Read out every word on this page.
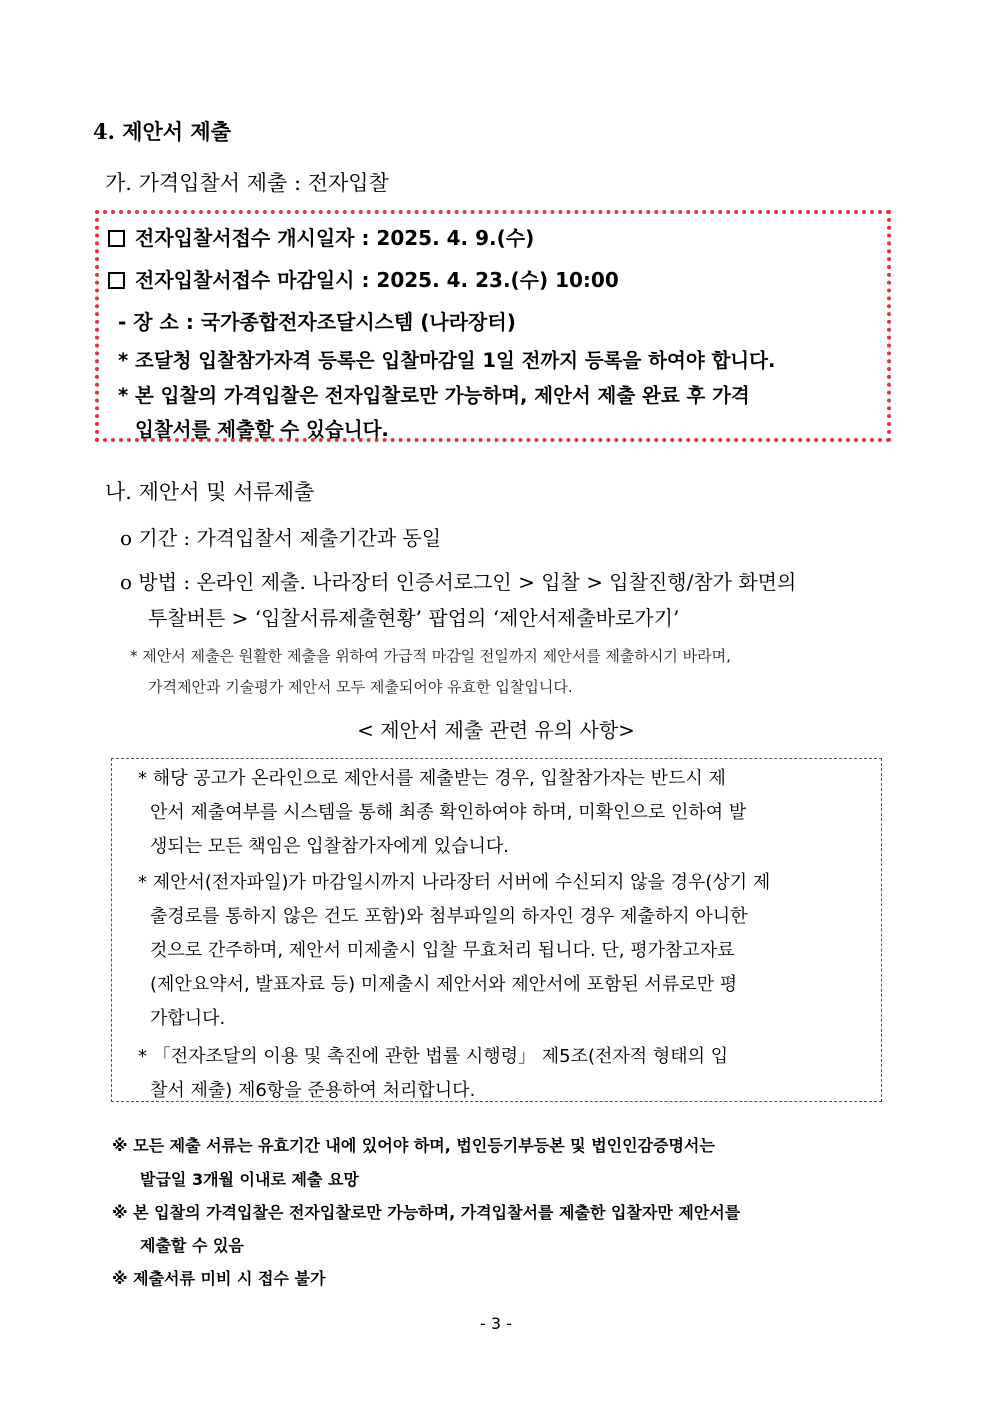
4. 제안서 제출
가. 가격입찰서 제출 : 전자입찰
전자입찰서접수 개시일자 : 2025. 4. 9.(수)
전자입찰서접수 마감일시 : 2025. 4. 23.(수) 10:00
- 장 소 : 국가종합전자조달시스템 (나라장터)
* 조달청 입찰참가자격 등록은 입찰마감일 1일 전까지 등록을 하여야 합니다.
* 본 입찰의 가격입찰은 전자입찰로만 가능하며, 제안서 제출 완료 후 가격
입찰서를 제출할 수 있습니다.
나. 제안서 및 서류제출
o 기간 : 가격입찰서 제출기간과 동일
o 방법 : 온라인 제출. 나라장터 인증서로그인 > 입찰 > 입찰진행/참가 화면의
투찰버튼 > ‘입찰서류제출현황’ 팝업의 ‘제안서제출바로가기’
* 제안서 제출은 원활한 제출을 위하여 가급적 마감일 전일까지 제안서를 제출하시기 바라며,
가격제안과 기술평가 제안서 모두 제출되어야 유효한 입찰입니다.
< 제안서 제출 관련 유의 사항>
* 해당 공고가 온라인으로 제안서를 제출받는 경우, 입찰참가자는 반드시 제
안서 제출여부를 시스템을 통해 최종 확인하여야 하며, 미확인으로 인하여 발
생되는 모든 책임은 입찰참가자에게 있습니다.
* 제안서(전자파일)가 마감일시까지 나라장터 서버에 수신되지 않을 경우(상기 제
출경로를 통하지 않은 건도 포함)와 첨부파일의 하자인 경우 제출하지 아니한
것으로 간주하며, 제안서 미제출시 입찰 무효처리 됩니다. 단, 평가참고자료
(제안요약서, 발표자료 등) 미제출시 제안서와 제안서에 포함된 서류로만 평
가합니다.
* 「전자조달의 이용 및 촉진에 관한 법률 시행령」 제5조(전자적 형태의 입
찰서 제출) 제6항을 준용하여 처리합니다.
※ 모든 제출 서류는 유효기간 내에 있어야 하며, 법인등기부등본 및 법인인감증명서는
발급일 3개월 이내로 제출 요망
※ 본 입찰의 가격입찰은 전자입찰로만 가능하며, 가격입찰서를 제출한 입찰자만 제안서를
제출할 수 있음
※ 제출서류 미비 시 접수 불가
- 3 -
